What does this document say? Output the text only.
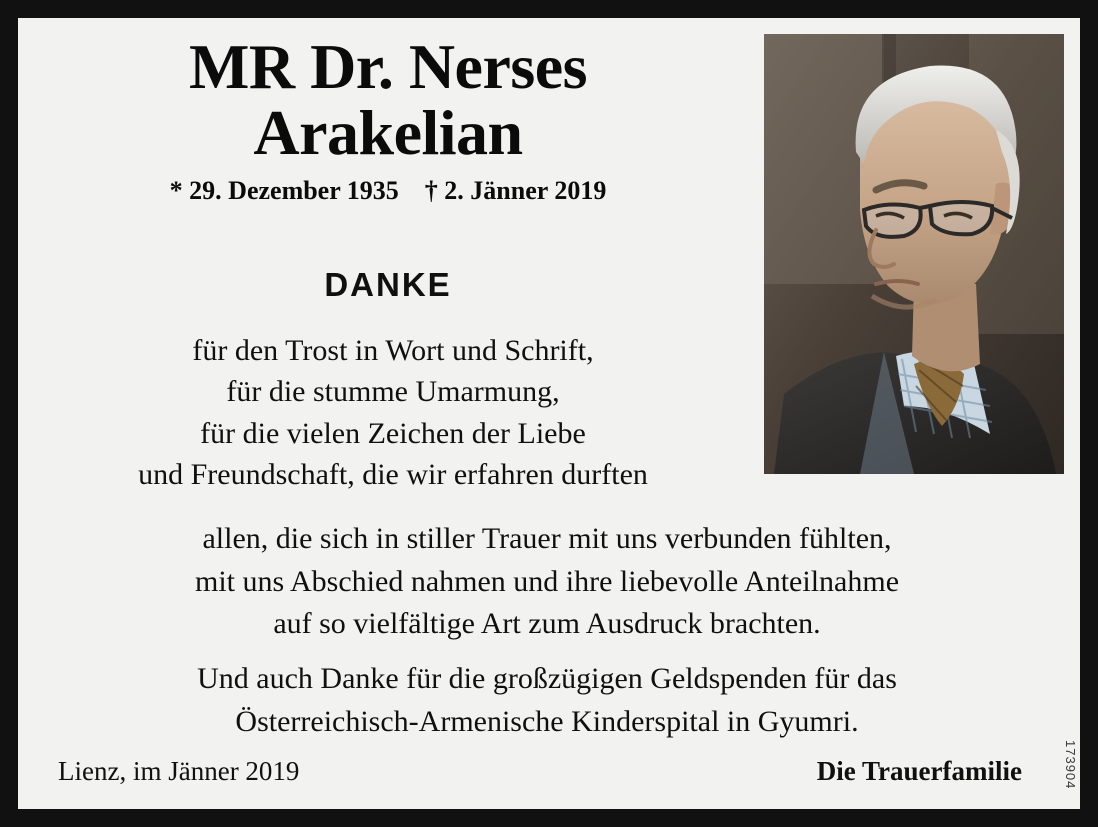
MR Dr. Nerses
Arakelian
* 29. Dezember 1935 † 2. Jänner 2019
DANKE
für den Trost in Wort und Schrift,
für die stumme Umarmung,
für die vielen Zeichen der Liebe
und Freundschaft, die wir erfahren durften
allen, die sich in stiller Trauer mit uns verbunden fühlten,
mit uns Abschied nahmen und ihre liebevolle Anteilnahme
auf so vielfältige Art zum Ausdruck brachten.
Und auch Danke für die großzügigen Geldspenden für das
Österreichisch-Armenische Kinderspital in Gyumri.
Lienz, im Jänner 2019	Die Trauerfamilie	173904
